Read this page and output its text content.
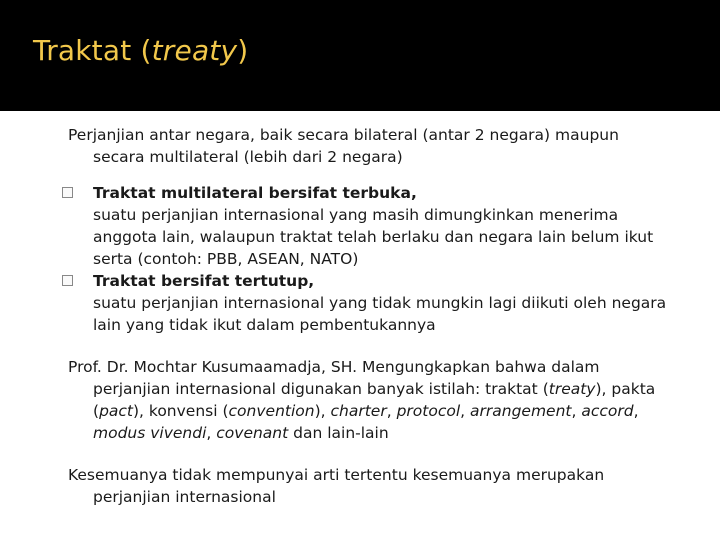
Traktat (treaty)

Perjanjian antar negara, baik secara bilateral (antar 2 negara) maupun secara multilateral (lebih dari 2 negara)

Traktat multilateral bersifat terbuka,
suatu perjanjian internasional yang masih dimungkinkan menerima anggota lain, walaupun traktat telah berlaku dan negara lain belum ikut serta (contoh: PBB, ASEAN, NATO)
Traktat bersifat tertutup,
suatu perjanjian internasional yang tidak mungkin lagi diikuti oleh negara lain yang tidak ikut dalam pembentukannya

Prof. Dr. Mochtar Kusumaamadja, SH. Mengungkapkan bahwa dalam perjanjian internasional digunakan banyak istilah: traktat (treaty), pakta (pact), konvensi (convention), charter, protocol, arrangement, accord, modus vivendi, covenant dan lain-lain

Kesemuanya tidak mempunyai arti tertentu kesemuanya merupakan perjanjian internasional
